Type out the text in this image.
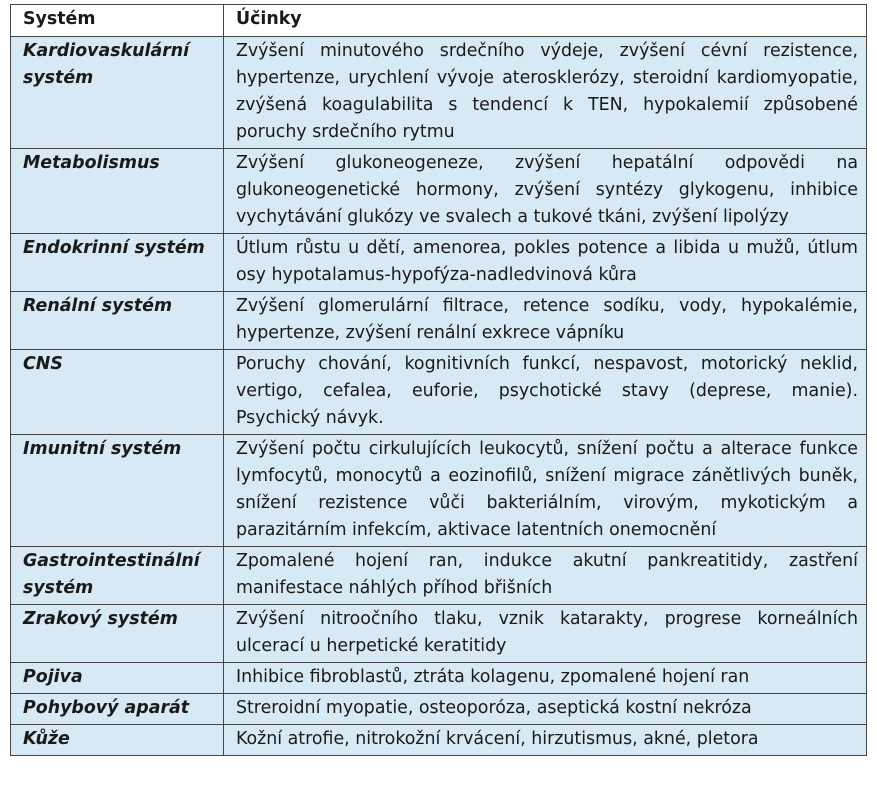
Systém	Účinky
Kardiovaskulární systém	Zvýšení minutového srdečního výdeje, zvýšení cévní rezistence, hypertenze, urychlení vývoje aterosklerózy, steroidní kardiomyopatie, zvýšená koagulabilita s tendencí k TEN, hypokalemií způsobené poruchy srdečního rytmu
Metabolismus	Zvýšení glukoneogeneze, zvýšení hepatální odpovědi na glukoneogenetické hormony, zvýšení syntézy glykogenu, inhibice vychytávání glukózy ve svalech a tukové tkáni, zvýšení lipolýzy
Endokrinní systém	Útlum růstu u dětí, amenorea, pokles potence a libida u mužů, útlum osy hypotalamus-hypofýza-nadledvinová kůra
Renální systém	Zvýšení glomerulární filtrace, retence sodíku, vody, hypokalémie, hypertenze, zvýšení renální exkrece vápníku
CNS	Poruchy chování, kognitivních funkcí, nespavost, motorický neklid, vertigo, cefalea, euforie, psychotické stavy (deprese, manie). Psychický návyk.
Imunitní systém	Zvýšení počtu cirkulujících leukocytů, snížení počtu a alterace funkce lymfocytů, monocytů a eozinofilů, snížení migrace zánětlivých buněk, snížení rezistence vůči bakteriálním, virovým, mykotickým a parazitárním infekcím, aktivace latentních onemocnění
Gastrointestinální systém	Zpomalené hojení ran, indukce akutní pankreatitidy, zastření manifestace náhlých příhod břišních
Zrakový systém	Zvýšení nitroočního tlaku, vznik katarakty, progrese korneálních ulcerací u herpetické keratitidy
Pojiva	Inhibice fibroblastů, ztráta kolagenu, zpomalené hojení ran
Pohybový aparát	Streroidní myopatie, osteoporóza, aseptická kostní nekróza
Kůže	Kožní atrofie, nitrokožní krvácení, hirzutismus, akné, pletora
